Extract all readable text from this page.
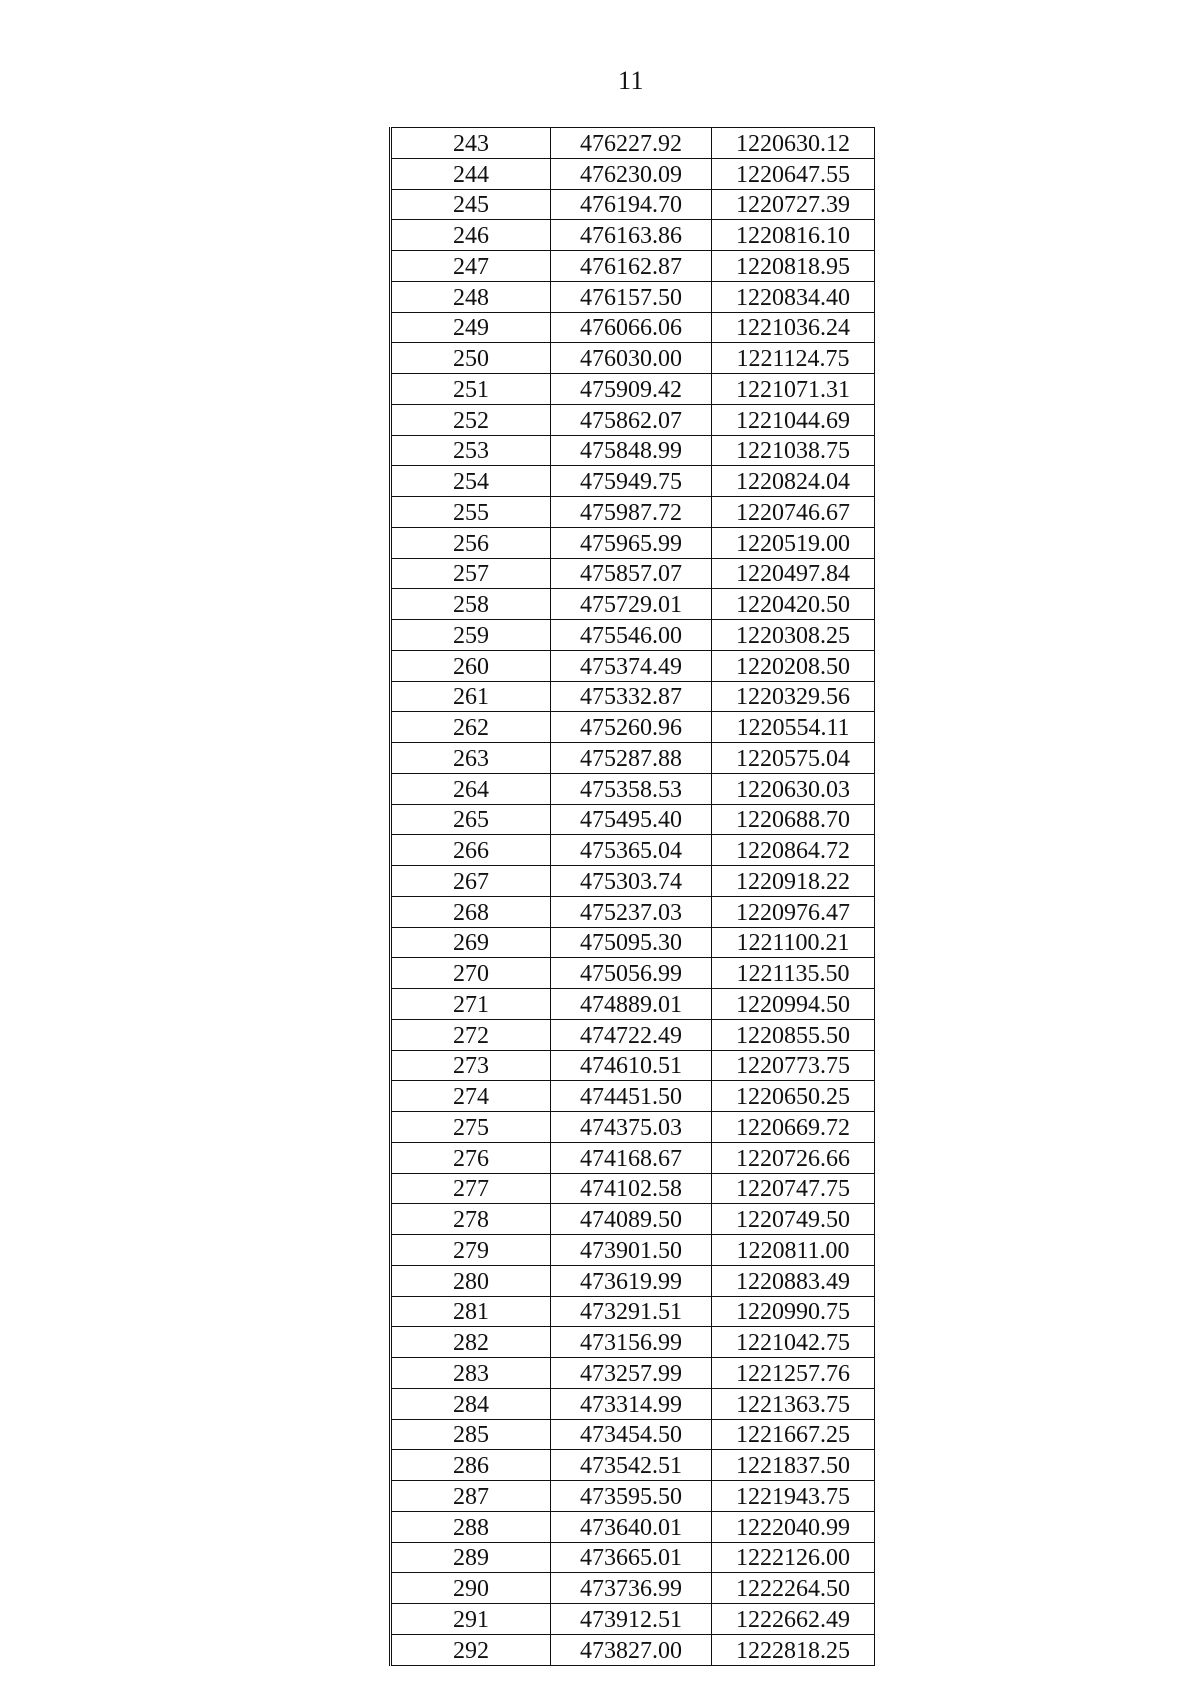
11
243	476227.92	1220630.12
244	476230.09	1220647.55
245	476194.70	1220727.39
246	476163.86	1220816.10
247	476162.87	1220818.95
248	476157.50	1220834.40
249	476066.06	1221036.24
250	476030.00	1221124.75
251	475909.42	1221071.31
252	475862.07	1221044.69
253	475848.99	1221038.75
254	475949.75	1220824.04
255	475987.72	1220746.67
256	475965.99	1220519.00
257	475857.07	1220497.84
258	475729.01	1220420.50
259	475546.00	1220308.25
260	475374.49	1220208.50
261	475332.87	1220329.56
262	475260.96	1220554.11
263	475287.88	1220575.04
264	475358.53	1220630.03
265	475495.40	1220688.70
266	475365.04	1220864.72
267	475303.74	1220918.22
268	475237.03	1220976.47
269	475095.30	1221100.21
270	475056.99	1221135.50
271	474889.01	1220994.50
272	474722.49	1220855.50
273	474610.51	1220773.75
274	474451.50	1220650.25
275	474375.03	1220669.72
276	474168.67	1220726.66
277	474102.58	1220747.75
278	474089.50	1220749.50
279	473901.50	1220811.00
280	473619.99	1220883.49
281	473291.51	1220990.75
282	473156.99	1221042.75
283	473257.99	1221257.76
284	473314.99	1221363.75
285	473454.50	1221667.25
286	473542.51	1221837.50
287	473595.50	1221943.75
288	473640.01	1222040.99
289	473665.01	1222126.00
290	473736.99	1222264.50
291	473912.51	1222662.49
292	473827.00	1222818.25
